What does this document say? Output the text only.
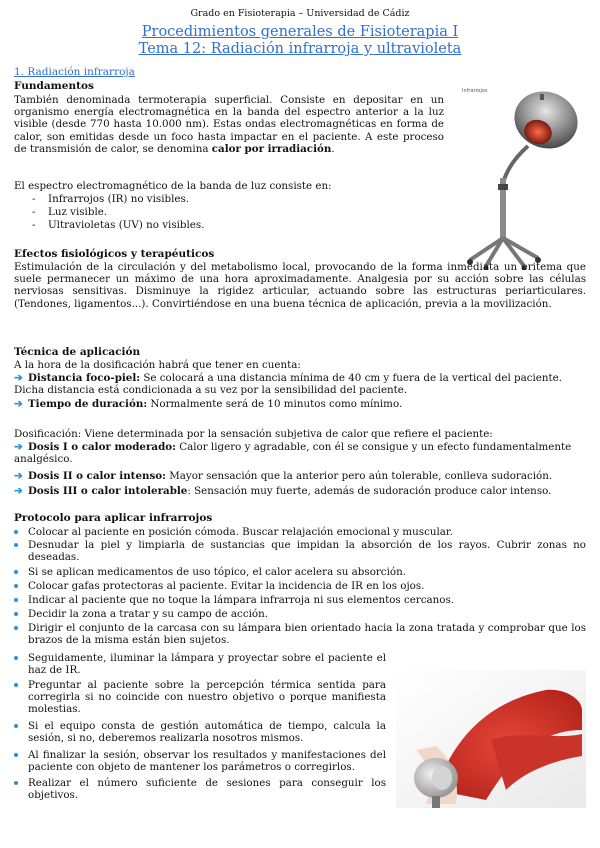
Grado en Fisioterapia – Universidad de Cádiz
Procedimientos generales de Fisioterapia I
Tema 12: Radiación infrarroja y ultravioleta
1. Radiación infrarroja
Fundamentos
También denominada termoterapia superficial. Consiste en depositar en un organismo energía electromagnética en la banda del espectro anterior a la luz visible (desde 770 hasta 10.000 nm). Estas ondas electromagnéticas en forma de calor, son emitidas desde un foco hasta impactar en el paciente. A este proceso de transmisión de calor, se denomina calor por irradiación.
El espectro electromagnético de la banda de luz consiste en:
- Infrarrojos (IR) no visibles.
- Luz visible.
- Ultravioletas (UV) no visibles.
Infrarrojos
Efectos fisiológicos y terapéuticos
Estimulación de la circulación y del metabolismo local, provocando de la forma inmediata un eritema que suele permanecer un máximo de una hora aproximadamente. Analgesia por su acción sobre las células nerviosas sensitivas. Disminuye la rigidez articular, actuando sobre las estructuras periarticulares. (Tendones, ligamentos...). Convirtiéndose en una buena técnica de aplicación, previa a la movilización.
Técnica de aplicación
A la hora de la dosificación habrá que tener en cuenta:
➔ Distancia foco-piel: Se colocará a una distancia mínima de 40 cm y fuera de la vertical del paciente. Dicha distancia está condicionada a su vez por la sensibilidad del paciente.
➔ Tiempo de duración: Normalmente será de 10 minutos como mínimo.
Dosificación: Viene determinada por la sensación subjetiva de calor que refiere el paciente:
➔ Dosis I o calor moderado: Calor ligero y agradable, con él se consigue y un efecto fundamentalmente analgésico.
➔ Dosis II o calor intenso: Mayor sensación que la anterior pero aún tolerable, conlleva sudoración.
➔ Dosis III o calor intolerable: Sensación muy fuerte, además de sudoración produce calor intenso.
Protocolo para aplicar infrarrojos
Colocar al paciente en posición cómoda. Buscar relajación emocional y muscular.
Desnudar la piel y limpiarla de sustancias que impidan la absorción de los rayos. Cubrir zonas no deseadas.
Si se aplican medicamentos de uso tópico, el calor acelera su absorción.
Colocar gafas protectoras al paciente. Evitar la incidencia de IR en los ojos.
Indicar al paciente que no toque la lámpara infrarroja ni sus elementos cercanos.
Decidir la zona a tratar y su campo de acción.
Dirigir el conjunto de la carcasa con su lámpara bien orientado hacia la zona tratada y comprobar que los brazos de la misma están bien sujetos.
Seguidamente, iluminar la lámpara y proyectar sobre el paciente el haz de IR.
Preguntar al paciente sobre la percepción térmica sentida para corregirla si no coincide con nuestro objetivo o porque manifiesta molestias.
Si el equipo consta de gestión automática de tiempo, calcula la sesión, si no, deberemos realizarla nosotros mismos.
Al finalizar la sesión, observar los resultados y manifestaciones del paciente con objeto de mantener los parámetros o corregirlos.
Realizar el número suficiente de sesiones para conseguir los objetivos.
